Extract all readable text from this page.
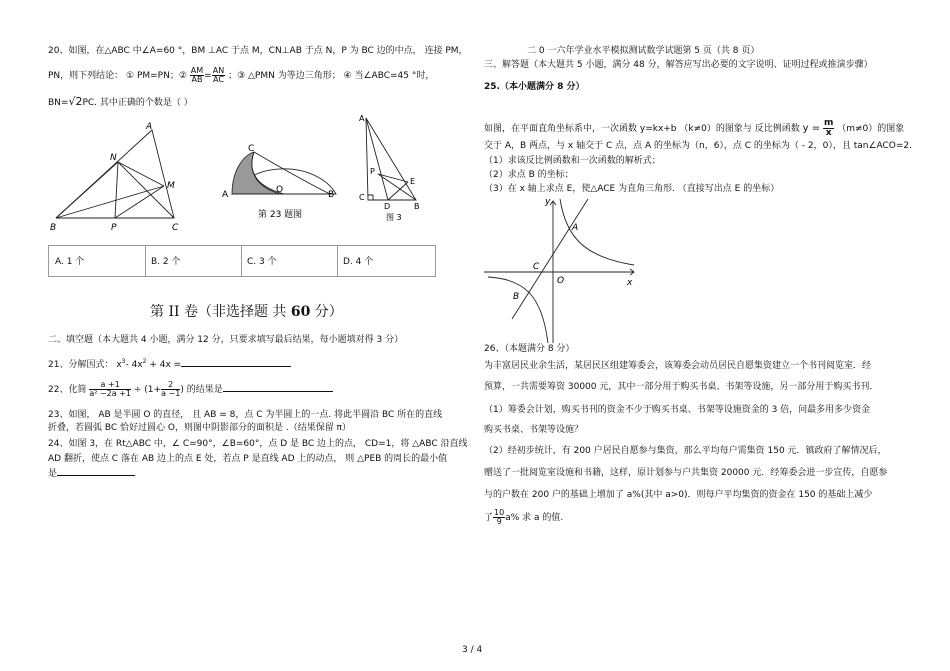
20、如图，在△ABC 中∠A=60 °，BM ⊥AC 于点 M，CN⊥AB 于点 N，P 为 BC 边的中点， 连接 PM，
PN，则下列结论： ① PM=PN；② $\frac{AM}{AB} = \frac{AN}{AC}$ ；③ △PMN 为等边三角形； ④ 当∠ABC=45 °时，
BN=√2PC. 其中正确的个数是（ ）
A
N
M
B	P	C
C
A	O	B
第 23 题图
A
P
E
C
D	B
图 3
A. 1 个	B. 2 个	C. 3 个	D. 4 个
第 II 卷（非选择题 共 60 分）
二、填空题（本大题共 4 小题，满分 12 分，只要求填写最后结果，每小题填对得 3 分）
21、分解因式： $x^3-$ $4x^2 + 4x$ =
22、化简 $\frac{a +1}{\text{a² −2a +1}} \div (1+ \frac{2}{a -1}$ ) 的结果是
23、如图， AB 是半圆 O 的直径， 且 AB = 8，点 C 为半圆上的一点. 将此半圆沿 BC 所在的直线
折叠，若圆弧 BC 恰好过圆心 O，则图中阴影部分的面积是 .（结果保留 π）
24、如图 3，在 Rt△ABC 中，∠ C=90°，∠B=60°，点 D 是 BC 边上的点， CD=1，将 △ABC 沿直线
AD 翻折，使点 C 落在 AB 边上的点 E 处，若点 P 是直线 AD 上的动点， 则 △PEB 的周长的最小值
是
二 0 一六年学业水平模拟测试数学试题第 5 页（共 8 页）
三、解答题（本大题共 5 小题，满分 48 分，解答应写出必要的文字说明、证明过程或推演步骤）
25.（本小题满分 8 分）
如图，在平面直角坐标系中，一次函数 y=kx+b （k≠0）的图象与 反比例函数 $y = \frac{m}{x} (m\ne 0)$的图象
交于 A，B 两点，与 x 轴交于 C 点，点 A 的坐标为（n，6），点 C 的坐标为（ - 2，0），且 tan∠ACO=2．
（1）求该反比例函数和一次函数的解析式；
（2）求点 B 的坐标；
（3）在 x 轴上求点 E，使△ACE 为直角三角形. （直接写出点 E 的坐标）
y
x
A
C
O
B
26、（本题满分 8 分）
为丰富居民业余生活，某居民区组建筹委会，该筹委会动员居民自愿集资建立一个书刊阅览室．经
预算，一共需要筹资 30000 元，其中一部分用于购买书桌、书架等设施，另一部分用于购买书刊．
（1）筹委会计划，购买书刊的资金不少于购买书桌、书架等设施资金的 3 倍，问最多用多少资金
购买书桌、书架等设施？
（2）经初步统计，有 200 户居民自愿参与集资，那么平均每户需集资 150 元．镇政府了解情况后，
赠送了一批阅览室设施和书籍，这样，原计划参与户共集资 20000 元．经筹委会进一步宣传，自愿参
与的户数在 200 户的基础上增加了 a%(其中 a>0)．则每户平均集资的资金在 150 的基础上减少
了 $\frac{10}{9} a\%$ 求 a 的值.
3 / 4
